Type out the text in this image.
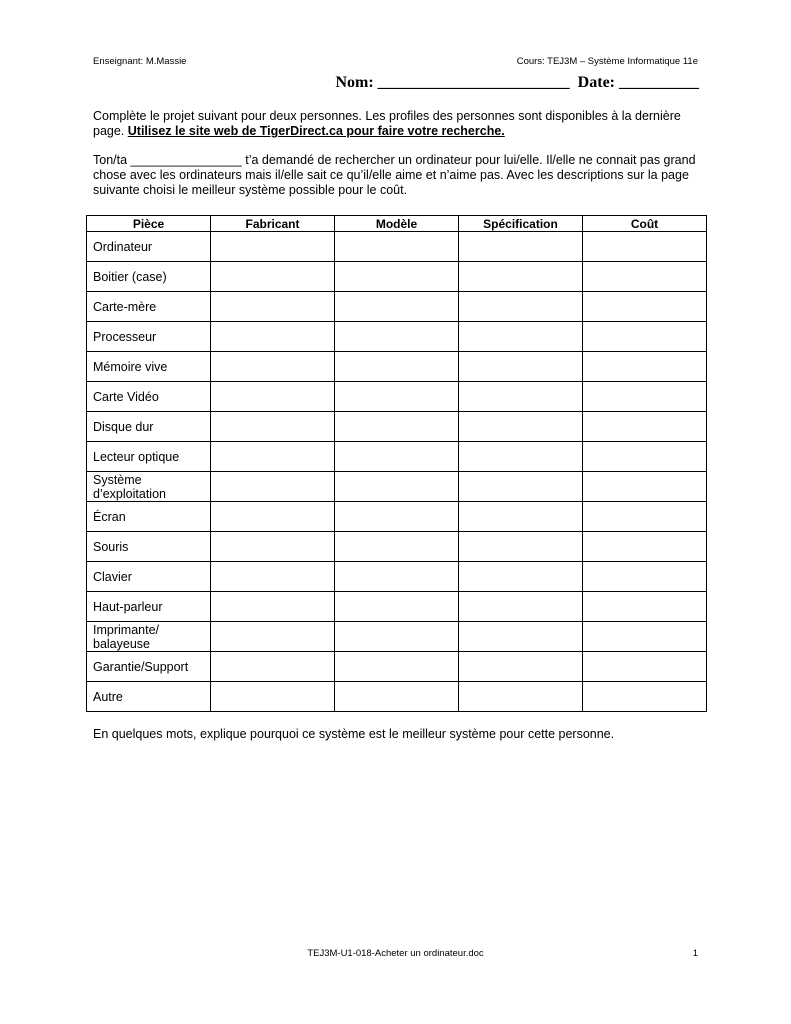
Enseignant: M.Massie	Cours: TEJ3M – Système Informatique 11e
Nom: ________________________  Date: __________
Complète le projet suivant pour deux personnes. Les profiles des personnes sont disponibles à la dernière page. Utilisez le site web de TigerDirect.ca pour faire votre recherche.
Ton/ta ________________ t’a demandé de rechercher un ordinateur pour lui/elle. Il/elle ne connait pas grand chose avec les ordinateurs mais il/elle sait ce qu’il/elle aime et n’aime pas. Avec les descriptions sur la page suivante choisi le meilleur système possible pour le coût.
Pièce	Fabricant	Modèle	Spécification	Coût
Ordinateur				
Boitier (case)				
Carte-mère				
Processeur				
Mémoire vive				
Carte Vidéo				
Disque dur				
Lecteur optique				
Système d’exploitation				
Écran				
Souris				
Clavier				
Haut-parleur				
Imprimante/ balayeuse				
Garantie/Support				
Autre				
En quelques mots, explique pourquoi ce système est le meilleur système pour cette personne.
TEJ3M-U1-018-Acheter un ordinateur.doc	1
